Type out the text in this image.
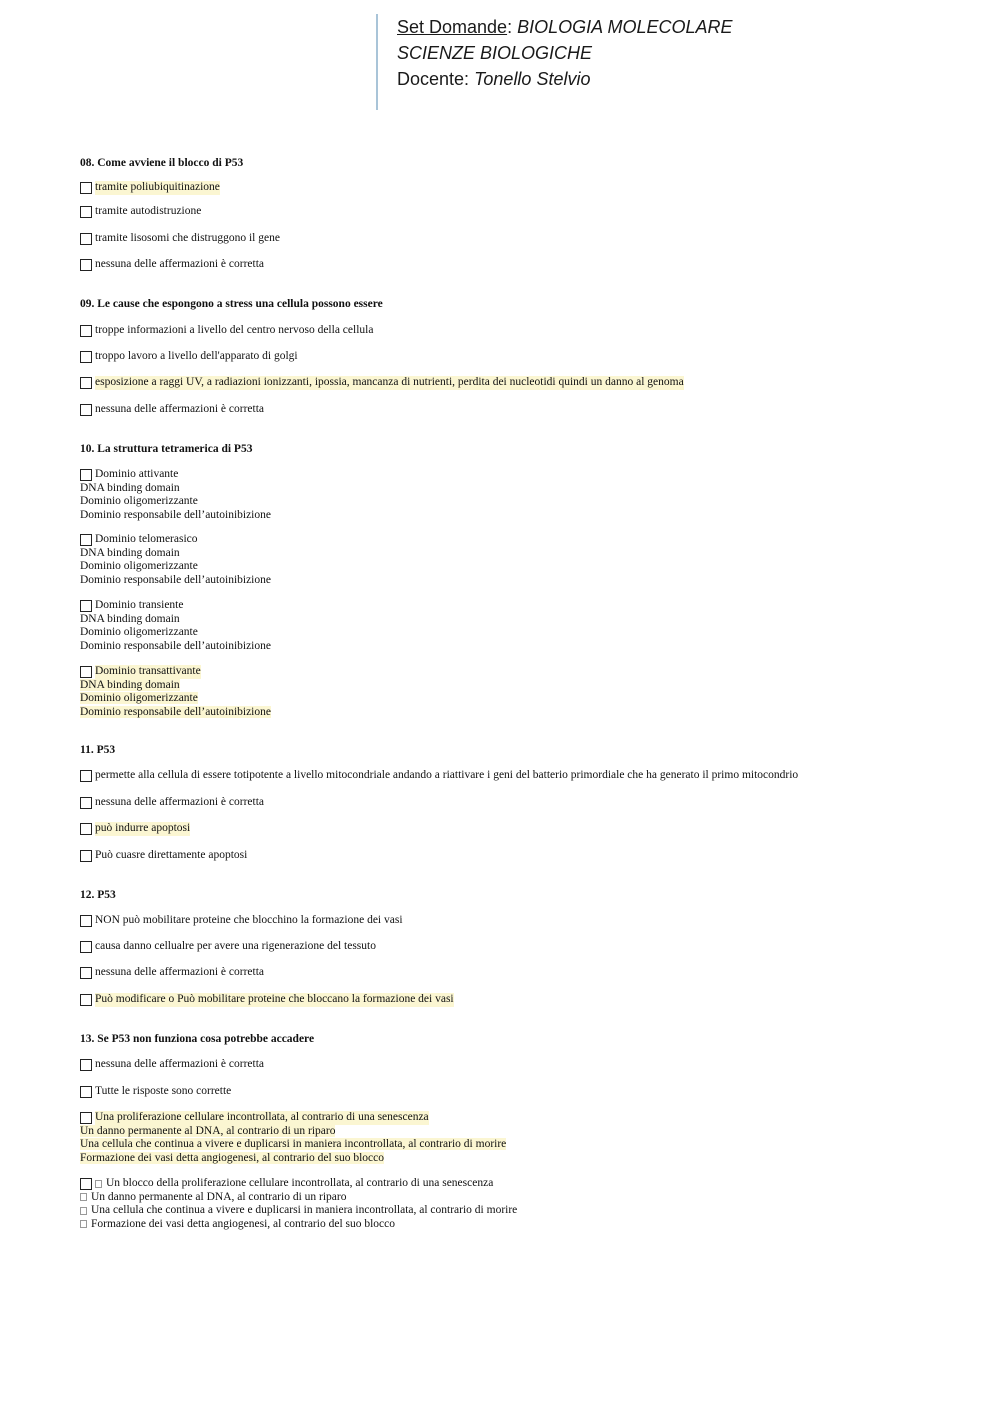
Set Domande: BIOLOGIA MOLECOLARE
SCIENZE BIOLOGICHE
Docente: Tonello Stelvio
08. Come avviene il blocco di P53
tramite poliubiquitinazione
tramite autodistruzione
tramite lisosomi che distruggono il gene
nessuna delle affermazioni è corretta
09. Le cause che espongono a stress una cellula possono essere
troppe informazioni a livello del centro nervoso della cellula
troppo lavoro a livello dell'apparato di golgi
esposizione a raggi UV, a radiazioni ionizzanti, ipossia, mancanza di nutrienti, perdita dei nucleotidi quindi un danno al genoma
nessuna delle affermazioni è corretta
10. La struttura tetramerica di P53
Dominio attivante
DNA binding domain
Dominio oligomerizzante
Dominio responsabile dell’autoinibizione
Dominio telomerasico
DNA binding domain
Dominio oligomerizzante
Dominio responsabile dell’autoinibizione
Dominio transiente
DNA binding domain
Dominio oligomerizzante
Dominio responsabile dell’autoinibizione
Dominio transattivante
DNA binding domain
Dominio oligomerizzante
Dominio responsabile dell’autoinibizione
11. P53
permette alla cellula di essere totipotente a livello mitocondriale andando a riattivare i geni del batterio primordiale che ha generato il primo mitocondrio
nessuna delle affermazioni è corretta
può indurre apoptosi
Può cuasre direttamente apoptosi
12. P53
NON può mobilitare proteine che blocchino la formazione dei vasi
causa danno cellualre per avere una rigenerazione del tessuto
nessuna delle affermazioni è corretta
Può modificare o Può mobilitare proteine che bloccano la formazione dei vasi
13. Se P53 non funziona cosa potrebbe accadere
nessuna delle affermazioni è corretta
Tutte le risposte sono corrette
Una proliferazione cellulare incontrollata, al contrario di una senescenza
Un danno permanente al DNA, al contrario di un riparo
Una cellula che continua a vivere e duplicarsi in maniera incontrollata, al contrario di morire
Formazione dei vasi detta angiogenesi, al contrario del suo blocco
Un blocco della proliferazione cellulare incontrollata, al contrario di una senescenza
Un danno permanente al DNA, al contrario di un riparo
Una cellula che continua a vivere e duplicarsi in maniera incontrollata, al contrario di morire
Formazione dei vasi detta angiogenesi, al contrario del suo blocco
